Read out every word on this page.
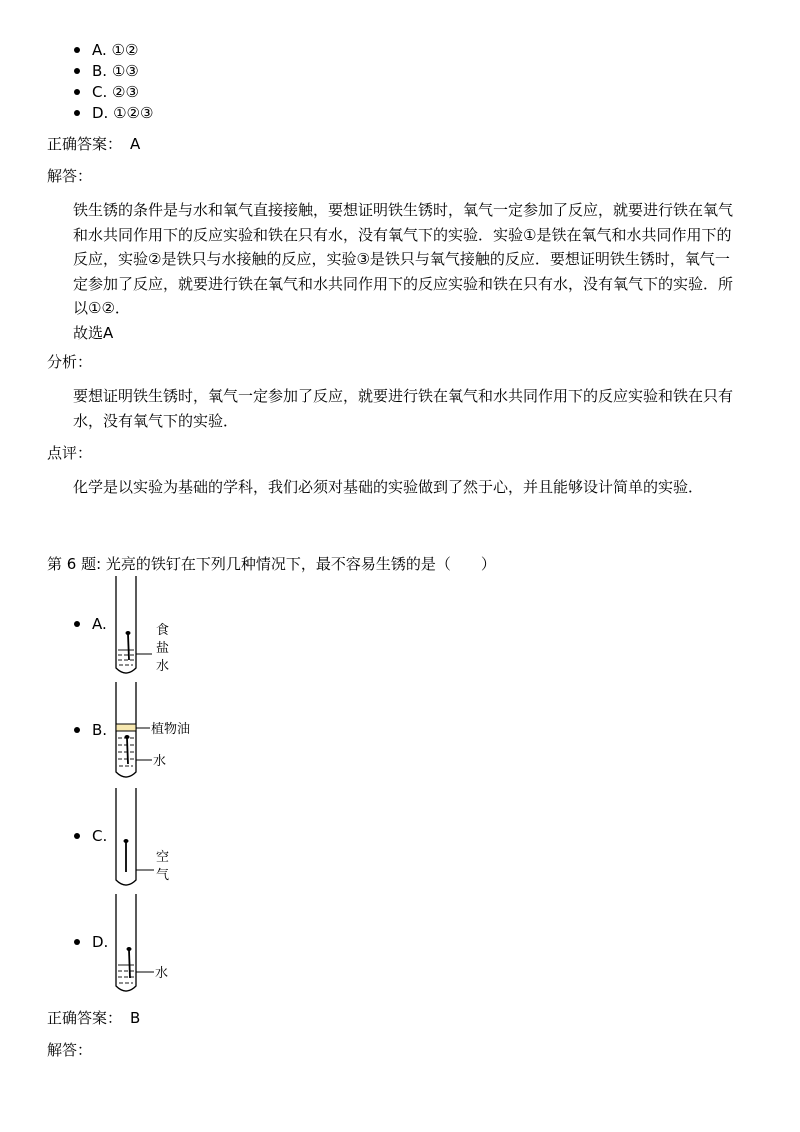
A. ①②
B. ①③
C. ②③
D. ①②③
正确答案： A
解答：

铁生锈的条件是与水和氧气直接接触，要想证明铁生锈时，氧气一定参加了反应，就要进行铁在氧气和水共同作用下的反应实验和铁在只有水，没有氧气下的实验．实验①是铁在氧气和水共同作用下的反应，实验②是铁只与水接触的反应，实验③是铁只与氧气接触的反应．要想证明铁生锈时，氧气一定参加了反应，就要进行铁在氧气和水共同作用下的反应实验和铁在只有水，没有氧气下的实验．所以①②．

故选A

分析：

要想证明铁生锈时，氧气一定参加了反应，就要进行铁在氧气和水共同作用下的反应实验和铁在只有水，没有氧气下的实验．

点评：

化学是以实验为基础的学科，我们必须对基础的实验做到了然于心，并且能够设计简单的实验．

第 6 题: 光亮的铁钉在下列几种情况下，最不容易生锈的是（　　）
A.	食
盐
水
B.	植物油
水
C.
空
气
D.
水
正确答案： B
解答：
